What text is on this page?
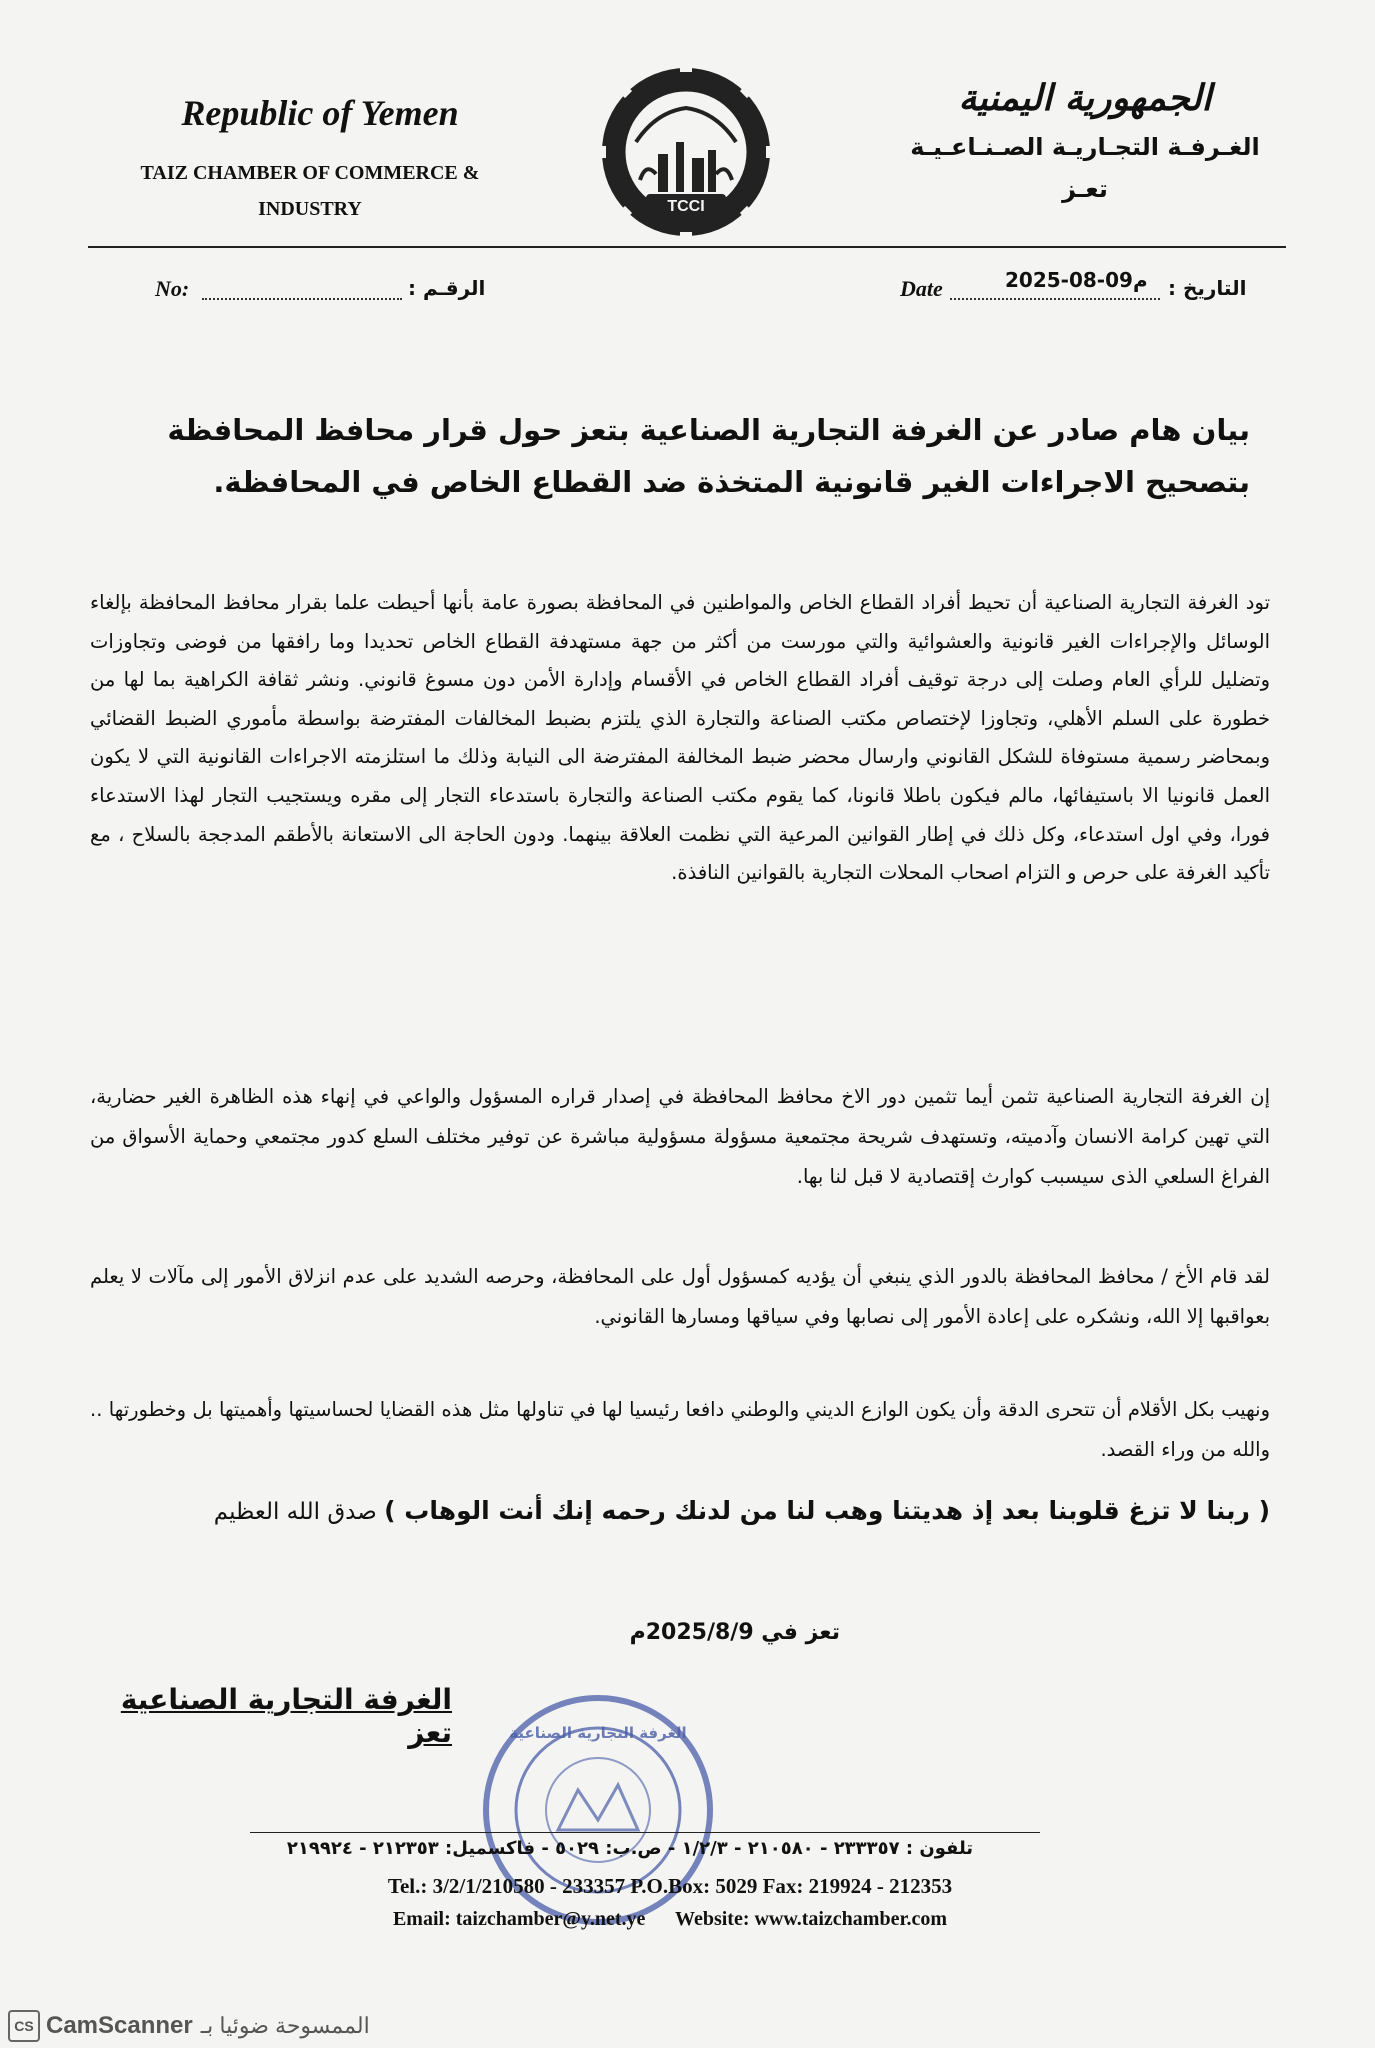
Republic of Yemen
TAIZ CHAMBER OF COMMERCE &
INDUSTRY	TCCI
الجمهورية اليمنية
الغـرفـة التجـاريـة الصـنـاعـيـة
تعـز
No:	الرقـم :	Date	2025-08-09م التاريخ :
بيان هام صادر عن الغرفة التجارية الصناعية بتعز حول قرار محافظ المحافظة
بتصحيح الاجراءات الغير قانونية المتخذة ضد القطاع الخاص في المحافظة.
تود الغرفة التجارية الصناعية أن تحيط أفراد القطاع الخاص والمواطنين في المحافظة بصورة عامة بأنها أحيطت علما بقرار محافظ المحافظة بإلغاء الوسائل والإجراءات الغير قانونية والعشوائية والتي مورست من أكثر من جهة مستهدفة القطاع الخاص تحديدا وما رافقها من فوضى وتجاوزات وتضليل للرأي العام وصلت إلى درجة توقيف أفراد القطاع الخاص في الأقسام وإدارة الأمن دون مسوغ قانوني. ونشر ثقافة الكراهية بما لها من خطورة على السلم الأهلي، وتجاوزا لإختصاص مكتب الصناعة والتجارة الذي يلتزم بضبط المخالفات المفترضة بواسطة مأموري الضبط القضائي وبمحاضر رسمية مستوفاة للشكل القانوني وارسال محضر ضبط المخالفة المفترضة الى النيابة وذلك ما استلزمته الاجراءات القانونية التي لا يكون العمل قانونيا الا باستيفائها، مالم فيكون باطلا قانونا، كما يقوم مكتب الصناعة والتجارة باستدعاء التجار إلى مقره ويستجيب التجار لهذا الاستدعاء فورا، وفي اول استدعاء، وكل ذلك في إطار القوانين المرعية التي نظمت العلاقة بينهما. ودون الحاجة الى الاستعانة بالأطقم المدججة بالسلاح ، مع تأكيد الغرفة على حرص و التزام اصحاب المحلات التجارية بالقوانين النافذة.
إن الغرفة التجارية الصناعية تثمن أيما تثمين دور الاخ محافظ المحافظة في إصدار قراره المسؤول والواعي في إنهاء هذه الظاهرة الغير حضارية، التي تهين كرامة الانسان وآدميته، وتستهدف شريحة مجتمعية مسؤولة مسؤولية مباشرة عن توفير مختلف السلع كدور مجتمعي وحماية الأسواق من الفراغ السلعي الذى سيسبب كوارث إقتصادية لا قبل لنا بها.
لقد قام الأخ / محافظ المحافظة بالدور الذي ينبغي أن يؤديه كمسؤول أول على المحافظة، وحرصه الشديد على عدم انزلاق الأمور إلى مآلات لا يعلم بعواقبها إلا الله، ونشكره على إعادة الأمور إلى نصابها وفي سياقها ومسارها القانوني.
ونهيب بكل الأقلام أن تتحرى الدقة وأن يكون الوازع الديني والوطني دافعا رئيسيا لها في تناولها مثل هذه القضايا لحساسيتها وأهميتها بل وخطورتها .. والله من وراء القصد.
( ربنا لا تزغ قلوبنا بعد إذ هديتنا وهب لنا من لدنك رحمه إنك أنت الوهاب ) صدق الله العظيم
تعز في 2025/8/9م
الغرفة التجارية الصناعية تعز	الغرفة التجارية الصناعية
تلفون : ٢٣٣٣٥٧ - ٢١٠٥٨٠ - ١/٢/٣ - ص.ب: ٥٠٢٩ - فاكسميل: ٢١٢٣٥٣ - ٢١٩٩٢٤
Tel.: 3/2/1/210580 - 233357 P.O.Box: 5029 Fax: 219924 - 212353
Email: taizchamber@y.net.ye Website: www.taizchamber.com
CS CamScanner الممسوحة ضوئيا بـ
